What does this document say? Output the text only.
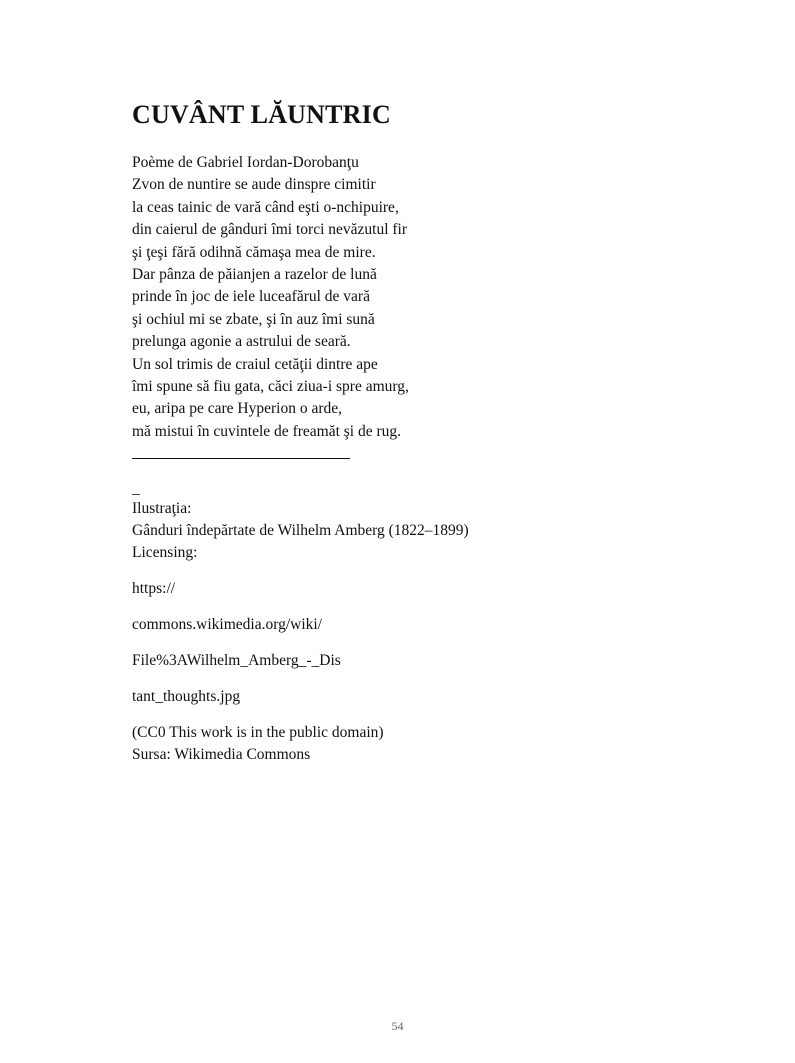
CUVÂNT LĂUNTRIC
Poème de Gabriel Iordan-Dorobanţu
Zvon de nuntire se aude dinspre cimitir
la ceas tainic de vară când eşti o-nchipuire,
din caierul de gânduri îmi torci nevăzutul fir
şi ţeşi fără odihnă cămaşa mea de mire.
Dar pânza de păianjen a razelor de lună
prinde în joc de iele luceafărul de vară
şi ochiul mi se zbate, şi în auz îmi sună
prelunga agonie a astrului de seară.
Un sol trimis de craiul cetăţii dintre ape
îmi spune să fiu gata, căci ziua-i spre amurg,
eu, aripa pe care Hyperion o arde,
mă mistui în cuvintele de freamăt şi de rug.
_
Ilustraţia:
Gânduri îndepărtate de Wilhelm Amberg (1822–1899)
Licensing:
https://
commons.wikimedia.org/wiki/
File%3AWilhelm_Amberg_-_Dis
tant_thoughts.jpg
(CC0 This work is in the public domain)
Sursa: Wikimedia Commons
54
